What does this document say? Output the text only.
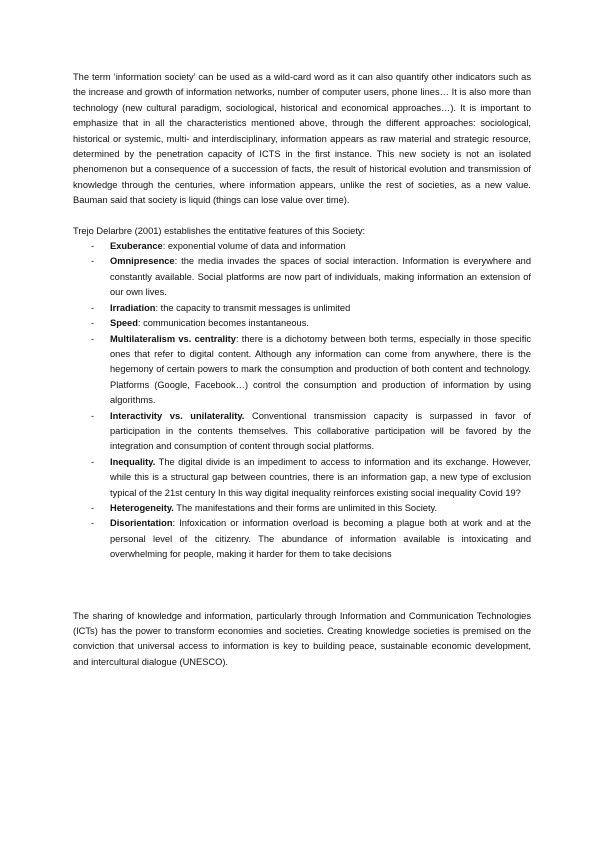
The term ‘information society’ can be used as a wild-card word as it can also quantify other indicators such as the increase and growth of information networks, number of computer users, phone lines… It is also more than technology (new cultural paradigm, sociological, historical and economical approaches…). It is important to emphasize that in all the characteristics mentioned above, through the different approaches: sociological, historical or systemic, multi- and interdisciplinary, information appears as raw material and strategic resource, determined by the penetration capacity of ICTS in the first instance. This new society is not an isolated phenomenon but a consequence of a succession of facts, the result of historical evolution and transmission of knowledge through the centuries, where information appears, unlike the rest of societies, as a new value. Bauman said that society is liquid (things can lose value over time).

Trejo Delarbre (2001) establishes the entitative features of this Society:

- Exuberance: exponential volume of data and information
- Omnipresence: the media invades the spaces of social interaction. Information is everywhere and constantly available. Social platforms are now part of individuals, making information an extension of our own lives.
- Irradiation: the capacity to transmit messages is unlimited
- Speed: communication becomes instantaneous.
- Multilateralism vs. centrality: there is a dichotomy between both terms, especially in those specific ones that refer to digital content. Although any information can come from anywhere, there is the hegemony of certain powers to mark the consumption and production of both content and technology. Platforms (Google, Facebook…) control the consumption and production of information by using algorithms.
- Interactivity vs. unilaterality. Conventional transmission capacity is surpassed in favor of participation in the contents themselves. This collaborative participation will be favored by the integration and consumption of content through social platforms.
- Inequality. The digital divide is an impediment to access to information and its exchange. However, while this is a structural gap between countries, there is an information gap, a new type of exclusion typical of the 21st century In this way digital inequality reinforces existing social inequality Covid 19?
- Heterogeneity. The manifestations and their forms are unlimited in this Society.
- Disorientation: Infoxication or information overload is becoming a plague both at work and at the personal level of the citizenry. The abundance of information available is intoxicating and overwhelming for people, making it harder for them to take decisions

The sharing of knowledge and information, particularly through Information and Communication Technologies (ICTs) has the power to transform economies and societies. Creating knowledge societies is premised on the conviction that universal access to information is key to building peace, sustainable economic development, and intercultural dialogue (UNESCO).
